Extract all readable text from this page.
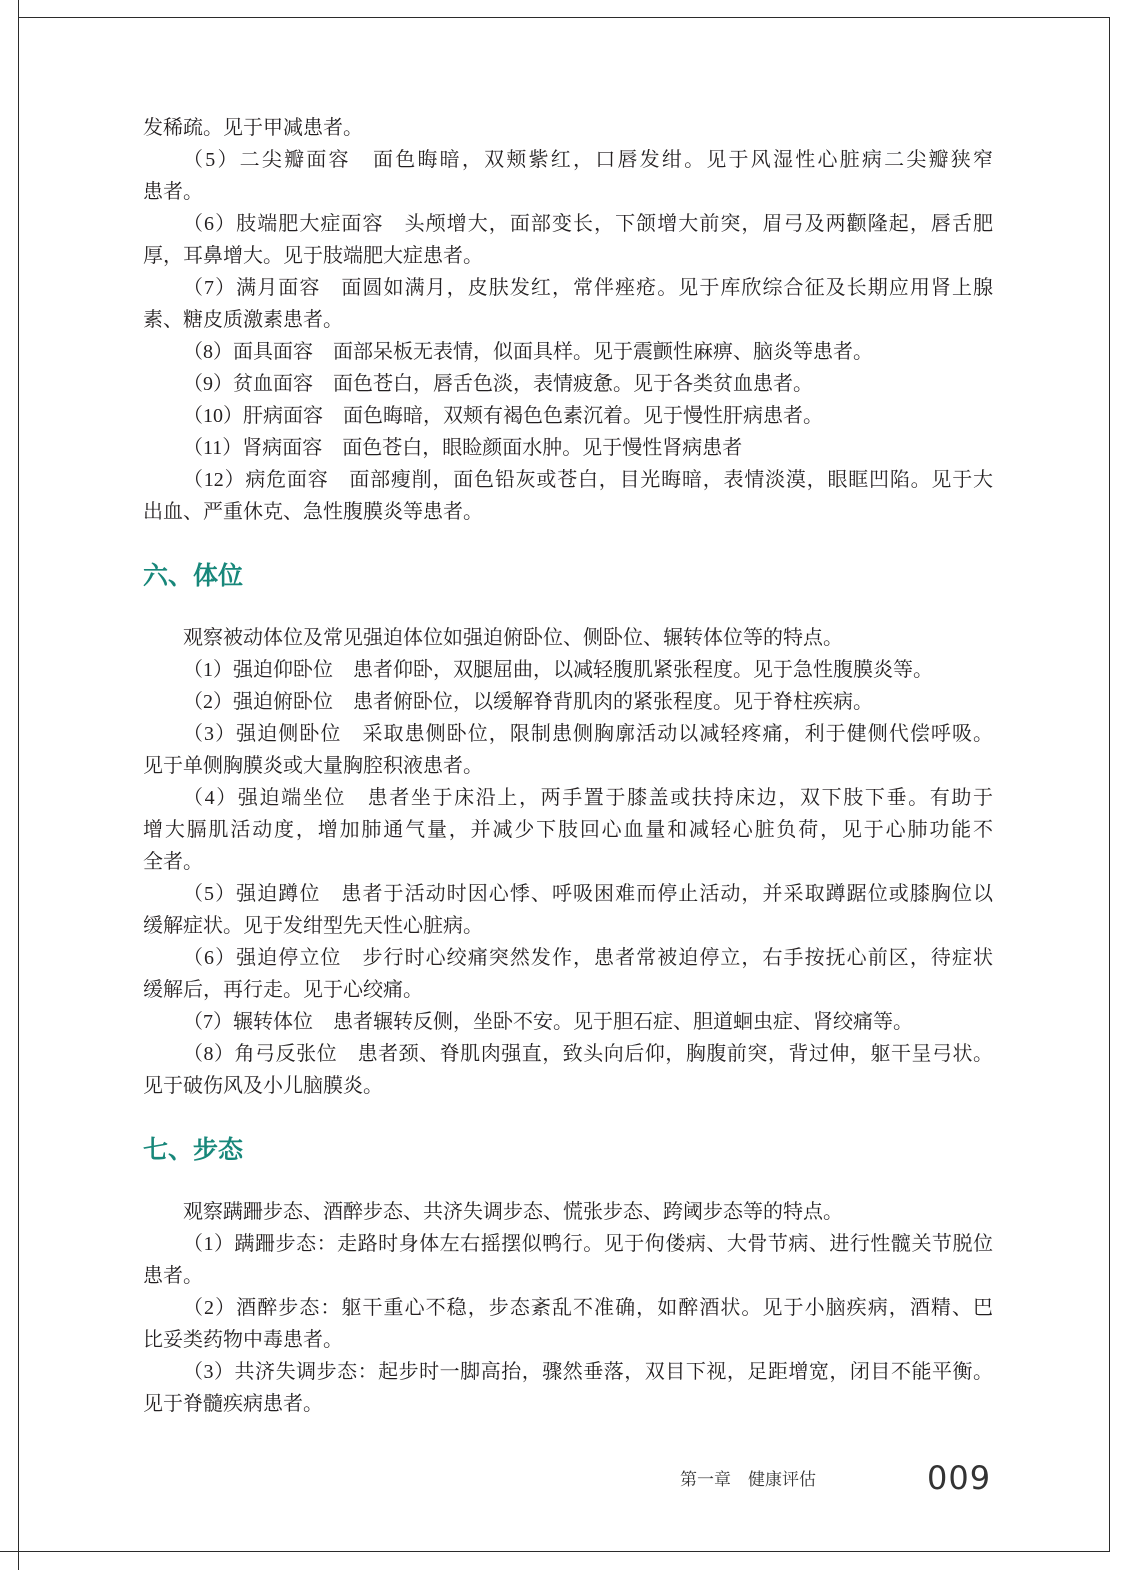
发稀疏。见于甲减患者。
（5）二尖瓣面容　面色晦暗，双颊紫红，口唇发绀。见于风湿性心脏病二尖瓣狭窄
患者。
（6）肢端肥大症面容　头颅增大，面部变长，下颌增大前突，眉弓及两颧隆起，唇舌肥
厚，耳鼻增大。见于肢端肥大症患者。
（7）满月面容　面圆如满月，皮肤发红，常伴痤疮。见于库欣综合征及长期应用肾上腺
素、糖皮质激素患者。
（8）面具面容　面部呆板无表情，似面具样。见于震颤性麻痹、脑炎等患者。
（9）贫血面容　面色苍白，唇舌色淡，表情疲惫。见于各类贫血患者。
（10）肝病面容　面色晦暗，双颊有褐色色素沉着。见于慢性肝病患者。
（11）肾病面容　面色苍白，眼睑颜面水肿。见于慢性肾病患者
（12）病危面容　面部瘦削，面色铅灰或苍白，目光晦暗，表情淡漠，眼眶凹陷。见于大
出血、严重休克、急性腹膜炎等患者。
六、体位
观察被动体位及常见强迫体位如强迫俯卧位、侧卧位、辗转体位等的特点。
（1）强迫仰卧位　患者仰卧，双腿屈曲，以减轻腹肌紧张程度。见于急性腹膜炎等。
（2）强迫俯卧位　患者俯卧位，以缓解脊背肌肉的紧张程度。见于脊柱疾病。
（3）强迫侧卧位　采取患侧卧位，限制患侧胸廓活动以减轻疼痛，利于健侧代偿呼吸。
见于单侧胸膜炎或大量胸腔积液患者。
（4）强迫端坐位　患者坐于床沿上，两手置于膝盖或扶持床边，双下肢下垂。有助于
增大膈肌活动度，增加肺通气量，并减少下肢回心血量和减轻心脏负荷，见于心肺功能不
全者。
（5）强迫蹲位　患者于活动时因心悸、呼吸困难而停止活动，并采取蹲踞位或膝胸位以
缓解症状。见于发绀型先天性心脏病。
（6）强迫停立位　步行时心绞痛突然发作，患者常被迫停立，右手按抚心前区，待症状
缓解后，再行走。见于心绞痛。
（7）辗转体位　患者辗转反侧，坐卧不安。见于胆石症、胆道蛔虫症、肾绞痛等。
（8）角弓反张位　患者颈、脊肌肉强直，致头向后仰，胸腹前突，背过伸，躯干呈弓状。
见于破伤风及小儿脑膜炎。
七、步态
观察蹒跚步态、酒醉步态、共济失调步态、慌张步态、跨阈步态等的特点。
（1）蹒跚步态：走路时身体左右摇摆似鸭行。见于佝偻病、大骨节病、进行性髋关节脱位
患者。
（2）酒醉步态：躯干重心不稳，步态紊乱不准确，如醉酒状。见于小脑疾病，酒精、巴
比妥类药物中毒患者。
（3）共济失调步态：起步时一脚高抬，骤然垂落，双目下视，足距增宽，闭目不能平衡。
见于脊髓疾病患者。
第一章　健康评估	009
